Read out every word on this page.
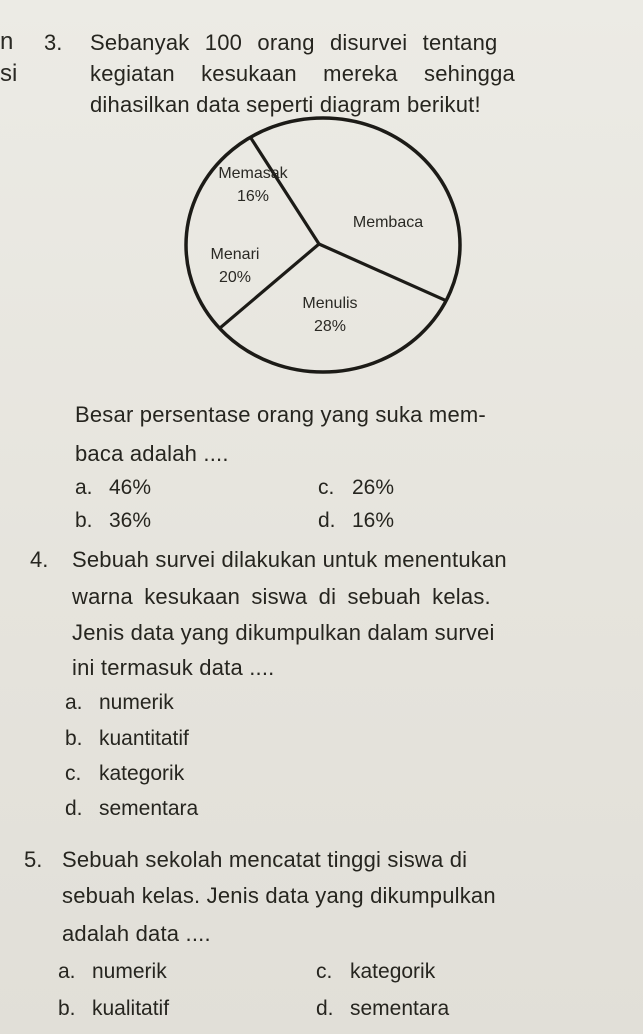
n
si
3. Sebanyak 100 orang disurvei tentang
kegiatan kesukaan mereka sehingga
dihasilkan data seperti diagram berikut!
Memasak
16%
Membaca
Menulis
28%
Menari
20%
Besar persentase orang yang suka mem-
baca adalah ....
a. 46%
b. 36%
c. 26%
d. 16%
4. Sebuah survei dilakukan untuk menentukan
warna kesukaan siswa di sebuah kelas.
Jenis data yang dikumpulkan dalam survei
ini termasuk data ....
a. numerik
b. kuantitatif
c. kategorik
d. sementara
5. Sebuah sekolah mencatat tinggi siswa di
sebuah kelas. Jenis data yang dikumpulkan
adalah data ....
a. numerik
b. kualitatif
c. kategorik
d. sementara
